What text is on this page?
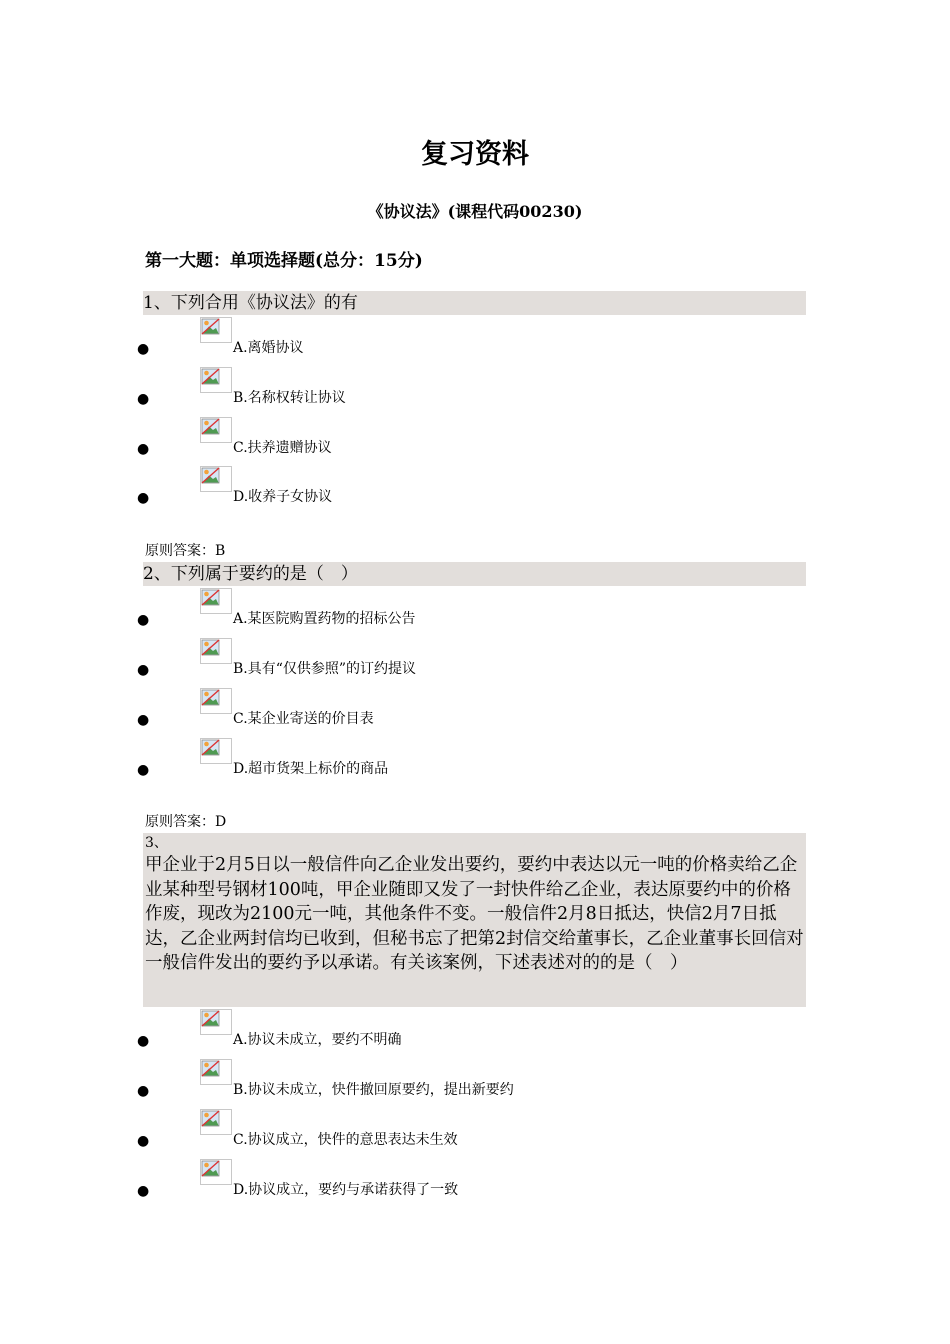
复习资料
《协议法》(课程代码00230)
第一大题：单项选择题(总分：15分)
1、下列合用《协议法》的有
●	A.离婚协议
●	B.名称权转让协议
●	C.扶养遗赠协议
●	D.收养子女协议
原则答案：B
2、下列属于要约的是（　）
●	A.某医院购置药物的招标公告
●	B.具有“仅供参照”的订约提议
●	C.某企业寄送的价目表
●	D.超市货架上标价的商品
原则答案：D
3、
甲企业于2月5日以一般信件向乙企业发出要约，要约中表达以元一吨的价格卖给乙企业某种型号钢材100吨，甲企业随即又发了一封快件给乙企业，表达原要约中的价格作废，现改为2100元一吨，其他条件不变。一般信件2月8日抵达，快信2月7日抵达，乙企业两封信均已收到，但秘书忘了把第2封信交给董事长，乙企业董事长回信对一般信件发出的要约予以承诺。有关该案例，下述表述对的的是（　）
●	A.协议未成立，要约不明确
●	B.协议未成立，快件撤回原要约，提出新要约
●	C.协议成立，快件的意思表达未生效
●	D.协议成立，要约与承诺获得了一致
